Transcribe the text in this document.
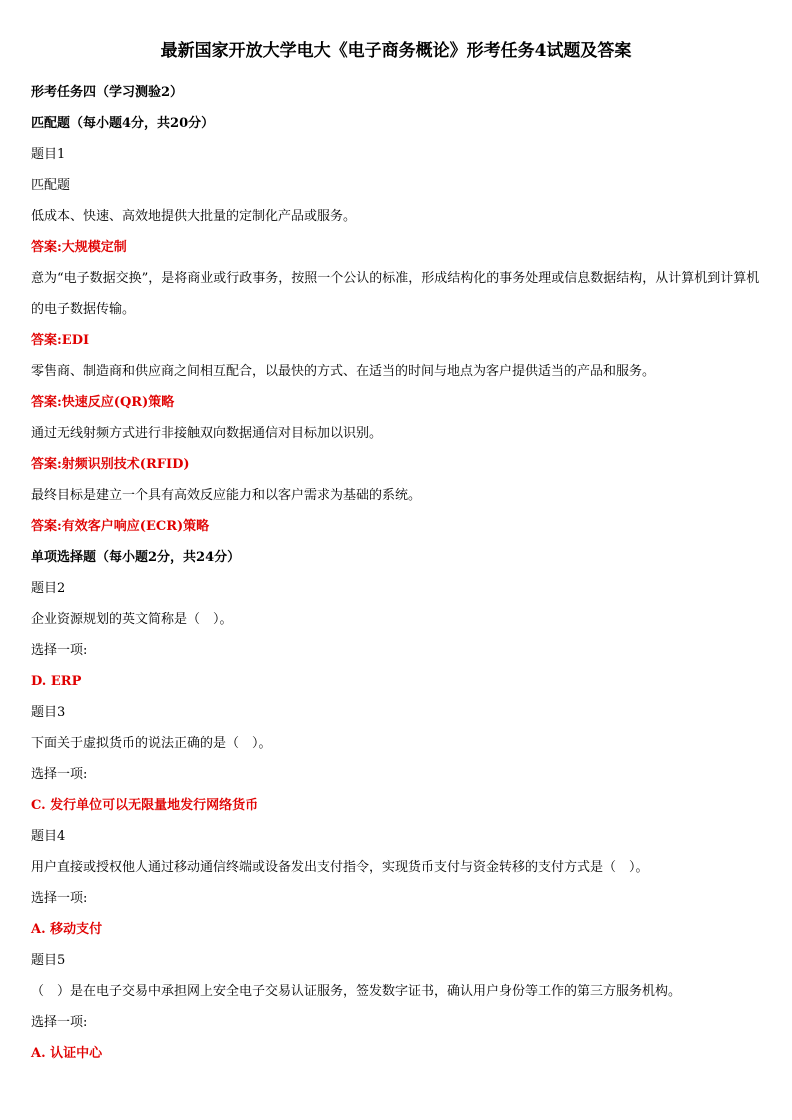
最新国家开放大学电大《电子商务概论》形考任务4试题及答案
形考任务四（学习测验2）
匹配题（每小题4分，共20分）
题目1
匹配题
低成本、快速、高效地提供大批量的定制化产品或服务。
答案:大规模定制
意为“电子数据交换”，是将商业或行政事务，按照一个公认的标准，形成结构化的事务处理或信息数据结构，从计算机到计算机的电子数据传输。
答案:EDI
零售商、制造商和供应商之间相互配合，以最快的方式、在适当的时间与地点为客户提供适当的产品和服务。
答案:快速反应(QR)策略
通过无线射频方式进行非接触双向数据通信对目标加以识别。
答案:射频识别技术(RFID)
最终目标是建立一个具有高效反应能力和以客户需求为基础的系统。
答案:有效客户响应(ECR)策略
单项选择题（每小题2分，共24分）
题目2
企业资源规划的英文简称是（　）。
选择一项:
D. ERP
题目3
下面关于虚拟货币的说法正确的是（　）。
选择一项:
C. 发行单位可以无限量地发行网络货币
题目4
用户直接或授权他人通过移动通信终端或设备发出支付指令，实现货币支付与资金转移的支付方式是（　）。
选择一项:
A. 移动支付
题目5
（　）是在电子交易中承担网上安全电子交易认证服务，签发数字证书，确认用户身份等工作的第三方服务机构。
选择一项:
A. 认证中心
